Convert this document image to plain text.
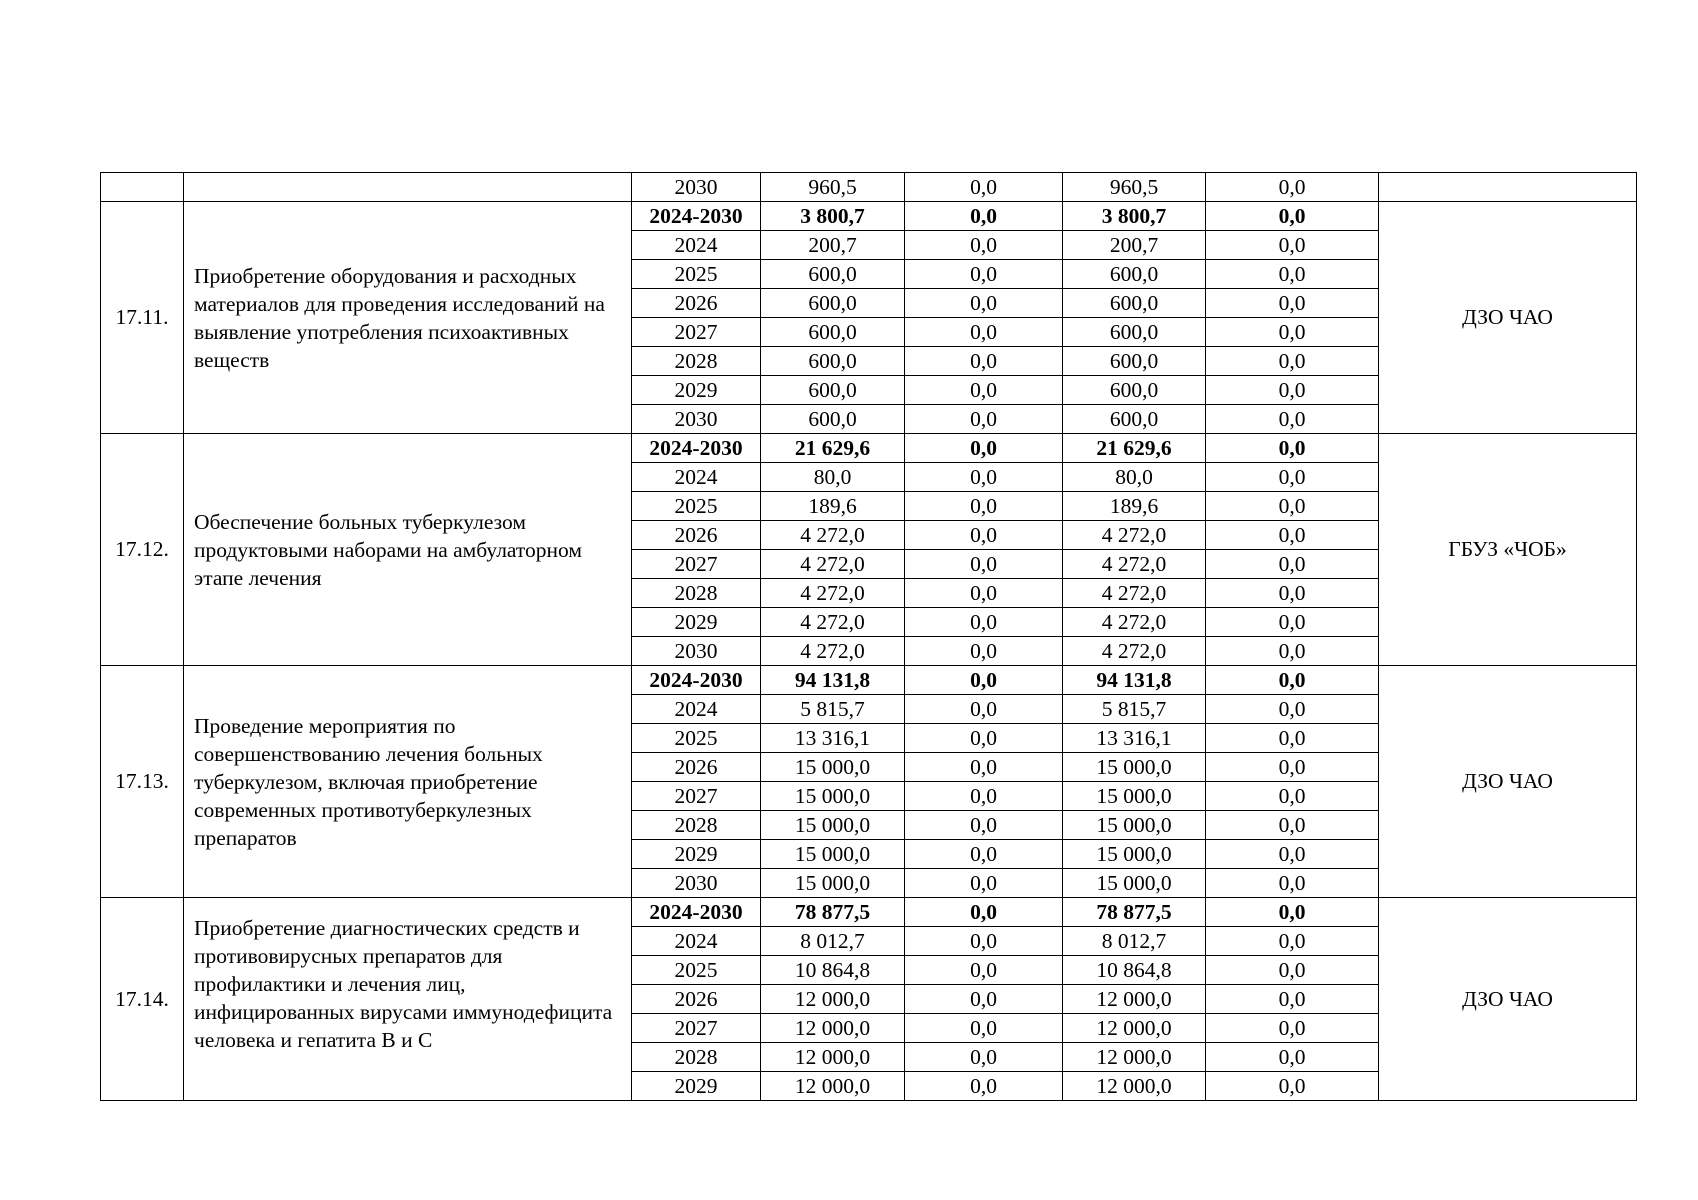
		2030	960,5	0,0	960,5	0,0	
17.11.	Приобретение оборудования и расходных материалов для проведения исследований на выявление употребления психоактивных веществ	2024-2030	3 800,7	0,0	3 800,7	0,0	ДЗО ЧАО
		2024	200,7	0,0	200,7	0,0	
		2025	600,0	0,0	600,0	0,0	
		2026	600,0	0,0	600,0	0,0	
		2027	600,0	0,0	600,0	0,0	
		2028	600,0	0,0	600,0	0,0	
		2029	600,0	0,0	600,0	0,0	
		2030	600,0	0,0	600,0	0,0	
17.12.	Обеспечение больных туберкулезом продуктовыми наборами на амбулаторном этапе лечения	2024-2030	21 629,6	0,0	21 629,6	0,0	ГБУЗ «ЧОБ»
		2024	80,0	0,0	80,0	0,0	
		2025	189,6	0,0	189,6	0,0	
		2026	4 272,0	0,0	4 272,0	0,0	
		2027	4 272,0	0,0	4 272,0	0,0	
		2028	4 272,0	0,0	4 272,0	0,0	
		2029	4 272,0	0,0	4 272,0	0,0	
		2030	4 272,0	0,0	4 272,0	0,0	
17.13.	Проведение мероприятия по совершенствованию лечения больных туберкулезом, включая приобретение современных противотуберкулезных препаратов	2024-2030	94 131,8	0,0	94 131,8	0,0	ДЗО ЧАО
		2024	5 815,7	0,0	5 815,7	0,0	
		2025	13 316,1	0,0	13 316,1	0,0	
		2026	15 000,0	0,0	15 000,0	0,0	
		2027	15 000,0	0,0	15 000,0	0,0	
		2028	15 000,0	0,0	15 000,0	0,0	
		2029	15 000,0	0,0	15 000,0	0,0	
		2030	15 000,0	0,0	15 000,0	0,0	
17.14.	Приобретение диагностических средств и противовирусных препаратов для профилактики и лечения лиц, инфицированных вирусами иммунодефицита человека и гепатита В и С	2024-2030	78 877,5	0,0	78 877,5	0,0	ДЗО ЧАО
		2024	8 012,7	0,0	8 012,7	0,0	
		2025	10 864,8	0,0	10 864,8	0,0	
		2026	12 000,0	0,0	12 000,0	0,0	
		2027	12 000,0	0,0	12 000,0	0,0	
		2028	12 000,0	0,0	12 000,0	0,0	
		2029	12 000,0	0,0	12 000,0	0,0	
